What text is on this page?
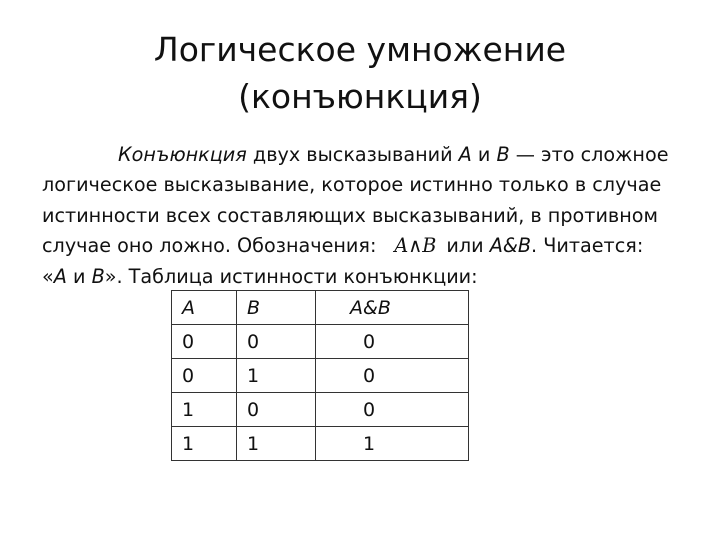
Логическое умножение
(конъюнкция)
Конъюнкция двух высказываний А и В — это сложное
логическое высказывание, которое истинно только в случае
истинности всех составляющих высказываний, в противном
случае оно ложно. Обозначения: A∧B или А&В. Читается:
«А и В». Таблица истинности конъюнкции:
A	B	A&B
0	0	0
0	1	0
1	0	0
1	1	1
